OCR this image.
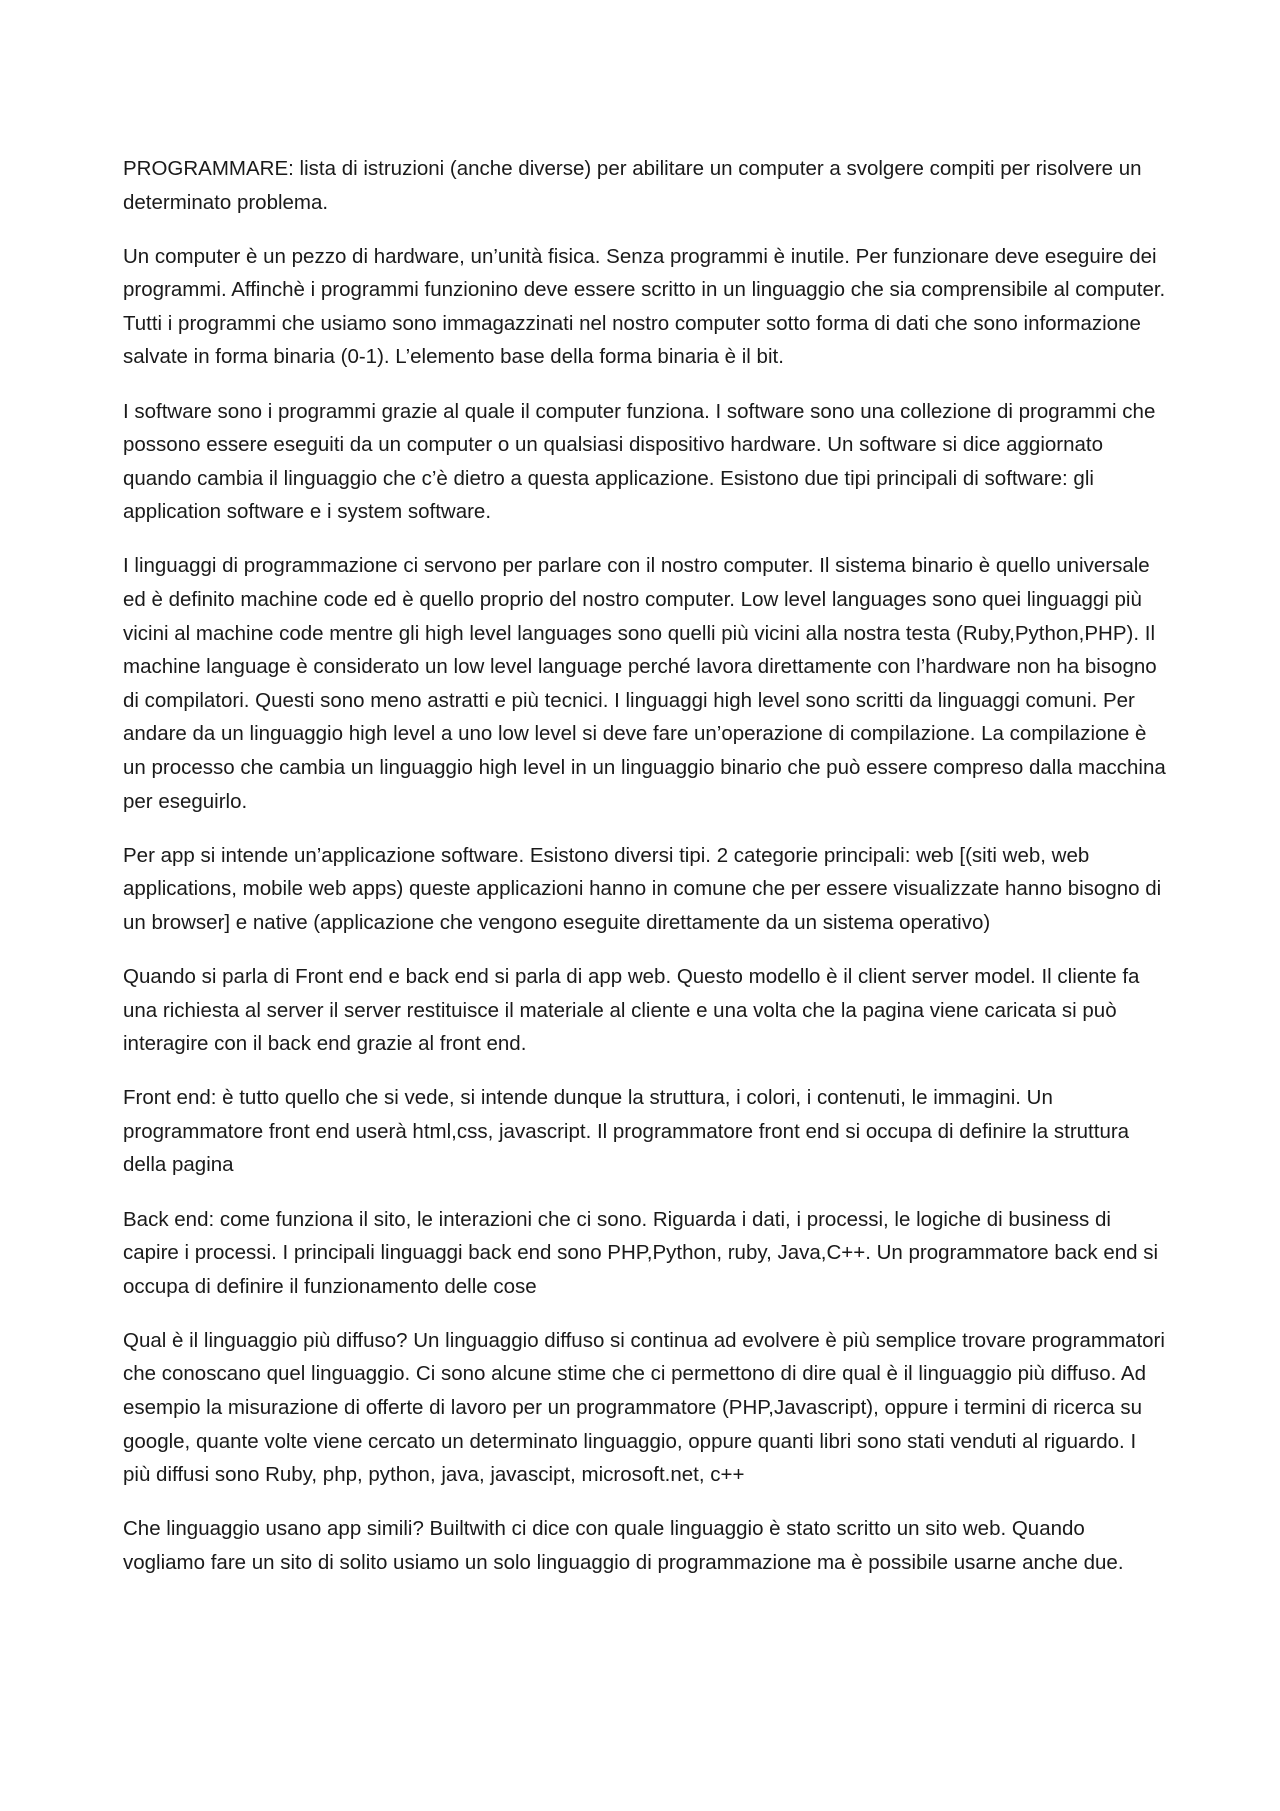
PROGRAMMARE: lista di istruzioni (anche diverse) per abilitare un computer a svolgere compiti per risolvere un determinato problema.

Un computer è un pezzo di hardware, un’unità fisica. Senza programmi è inutile. Per funzionare deve eseguire dei programmi. Affinchè i programmi funzionino deve essere scritto in un linguaggio che sia comprensibile al computer. Tutti i programmi che usiamo sono immagazzinati nel nostro computer sotto forma di dati che sono informazione salvate in forma binaria (0-1). L’elemento base della forma binaria è il bit.

I software sono i programmi grazie al quale il computer funziona. I software sono una collezione di programmi che possono essere eseguiti da un computer o un qualsiasi dispositivo hardware. Un software si dice aggiornato quando cambia il linguaggio che c’è dietro a questa applicazione. Esistono due tipi principali di software: gli application software e i system software.

I linguaggi di programmazione ci servono per parlare con il nostro computer. Il sistema binario è quello universale ed è definito machine code ed è quello proprio del nostro computer. Low level languages sono quei linguaggi più vicini al machine code mentre gli high level languages sono quelli più vicini alla nostra testa (Ruby,Python,PHP). Il machine language è considerato un low level language perché lavora direttamente con l’hardware non ha bisogno di compilatori. Questi sono meno astratti e più tecnici. I linguaggi high level sono scritti da linguaggi comuni. Per andare da un linguaggio high level a uno low level si deve fare un’operazione di compilazione. La compilazione è un processo che cambia un linguaggio high level in un linguaggio binario che può essere compreso dalla macchina per eseguirlo.

Per app si intende un’applicazione software. Esistono diversi tipi. 2 categorie principali: web [(siti web, web applications, mobile web apps) queste applicazioni hanno in comune che per essere visualizzate hanno bisogno di un browser] e native (applicazione che vengono eseguite direttamente da un sistema operativo)

Quando si parla di Front end e back end si parla di app web. Questo modello è il client server model. Il cliente fa una richiesta al server il server restituisce il materiale al cliente e una volta che la pagina viene caricata si può interagire con il back end grazie al front end.

Front end: è tutto quello che si vede, si intende dunque la struttura, i colori, i contenuti, le immagini. Un programmatore front end userà html,css, javascript. Il programmatore front end si occupa di definire la struttura della pagina

Back end: come funziona il sito, le interazioni che ci sono. Riguarda i dati, i processi, le logiche di business di capire i processi. I principali linguaggi back end sono PHP,Python, ruby, Java,C++. Un programmatore back end si occupa di definire il funzionamento delle cose

Qual è il linguaggio più diffuso? Un linguaggio diffuso si continua ad evolvere è più semplice trovare programmatori che conoscano quel linguaggio. Ci sono alcune stime che ci permettono di dire qual è il linguaggio più diffuso. Ad esempio la misurazione di offerte di lavoro per un programmatore (PHP,Javascript), oppure i termini di ricerca su google, quante volte viene cercato un determinato linguaggio, oppure quanti libri sono stati venduti al riguardo. I più diffusi sono Ruby, php, python, java, javascipt, microsoft.net, c++

Che linguaggio usano app simili? Builtwith ci dice con quale linguaggio è stato scritto un sito web. Quando vogliamo fare un sito di solito usiamo un solo linguaggio di programmazione ma è possibile usarne anche due.
